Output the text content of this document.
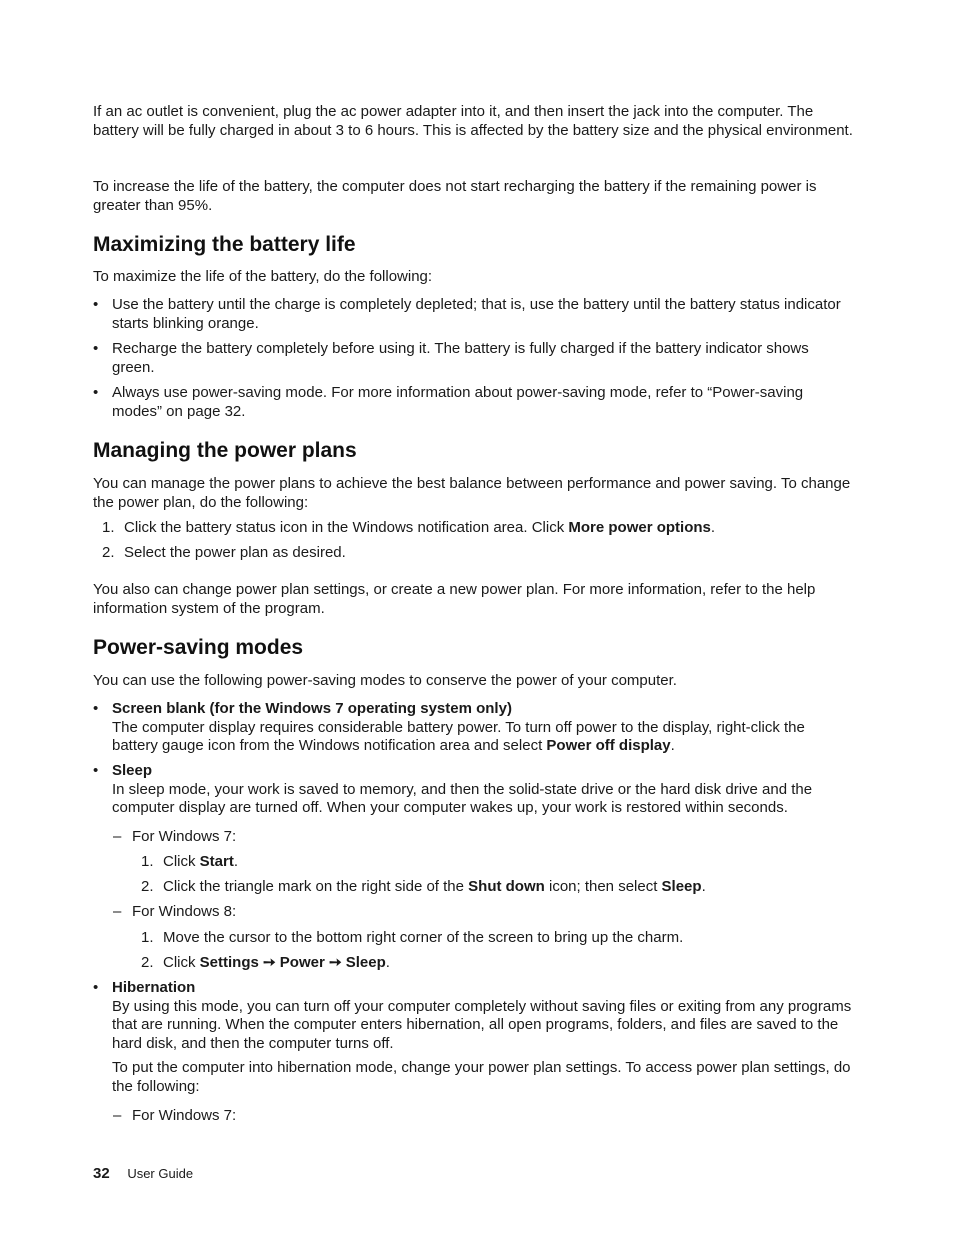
If an ac outlet is convenient, plug the ac power adapter into it, and then insert the jack into the computer. The battery will be fully charged in about 3 to 6 hours. This is affected by the battery size and the physical environment.

To increase the life of the battery, the computer does not start recharging the battery if the remaining power is greater than 95%.

Maximizing the battery life

To maximize the life of the battery, do the following:

• Use the battery until the charge is completely depleted; that is, use the battery until the battery status indicator starts blinking orange.

• Recharge the battery completely before using it. The battery is fully charged if the battery indicator shows green.

• Always use power-saving mode. For more information about power-saving mode, refer to “Power-saving modes” on page 32.

Managing the power plans

You can manage the power plans to achieve the best balance between performance and power saving. To change the power plan, do the following:

1. Click the battery status icon in the Windows notification area. Click More power options.

2. Select the power plan as desired.

You also can change power plan settings, or create a new power plan. For more information, refer to the help information system of the program.

Power-saving modes

You can use the following power-saving modes to conserve the power of your computer.

• Screen blank (for the Windows 7 operating system only)

The computer display requires considerable battery power. To turn off power to the display, right-click the battery gauge icon from the Windows notification area and select Power off display.

• Sleep

In sleep mode, your work is saved to memory, and then the solid-state drive or the hard disk drive and the computer display are turned off. When your computer wakes up, your work is restored within seconds.

– For Windows 7:

1. Click Start.

2. Click the triangle mark on the right side of the Shut down icon; then select Sleep.

– For Windows 8:

1. Move the cursor to the bottom right corner of the screen to bring up the charm.

2. Click Settings ➙ Power ➙ Sleep.

• Hibernation

By using this mode, you can turn off your computer completely without saving files or exiting from any programs that are running. When the computer enters hibernation, all open programs, folders, and files are saved to the hard disk, and then the computer turns off.

To put the computer into hibernation mode, change your power plan settings. To access power plan settings, do the following:

– For Windows 7:

32 User Guide
